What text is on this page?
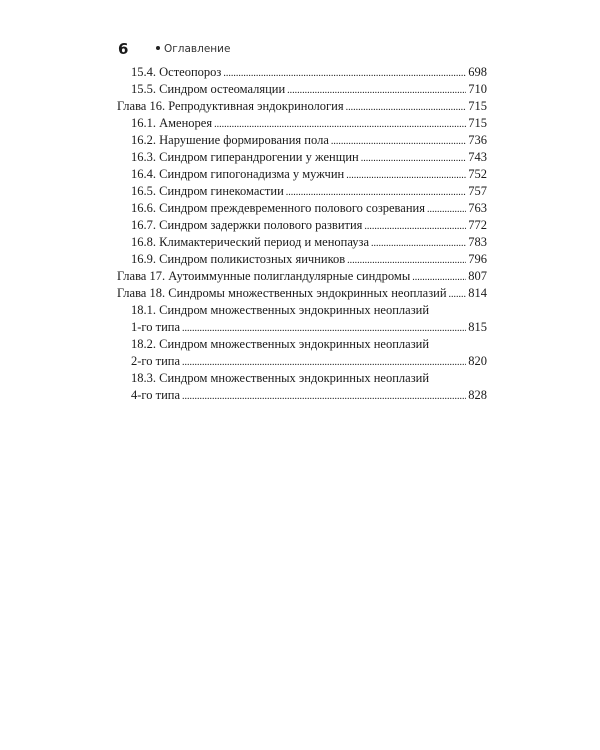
6	Оглавление
15.4. Остеопороз .....	698
15.5. Синдром остеомаляции .....	710
Глава 16. Репродуктивная эндокринология .....	715
16.1. Аменорея .....	715
16.2. Нарушение формирования пола .....	736
16.3. Синдром гиперандрогении у женщин .....	743
16.4. Синдром гипогонадизма у мужчин .....	752
16.5. Синдром гинекомастии .....	757
16.6. Синдром преждевременного полового созревания .....	763
16.7. Синдром задержки полового развития .....	772
16.8. Климактерический период и менопауза .....	783
16.9. Синдром поликистозных яичников .....	796
Глава 17. Аутоиммунные полигландулярные синдромы .....	807
Глава 18. Синдромы множественных эндокринных неоплазий ..... 814
18.1. Синдром множественных эндокринных неоплазий
1-го типа .....	815
18.2. Синдром множественных эндокринных неоплазий
2-го типа .....	820
18.3. Синдром множественных эндокринных неоплазий
4-го типа .....	828
